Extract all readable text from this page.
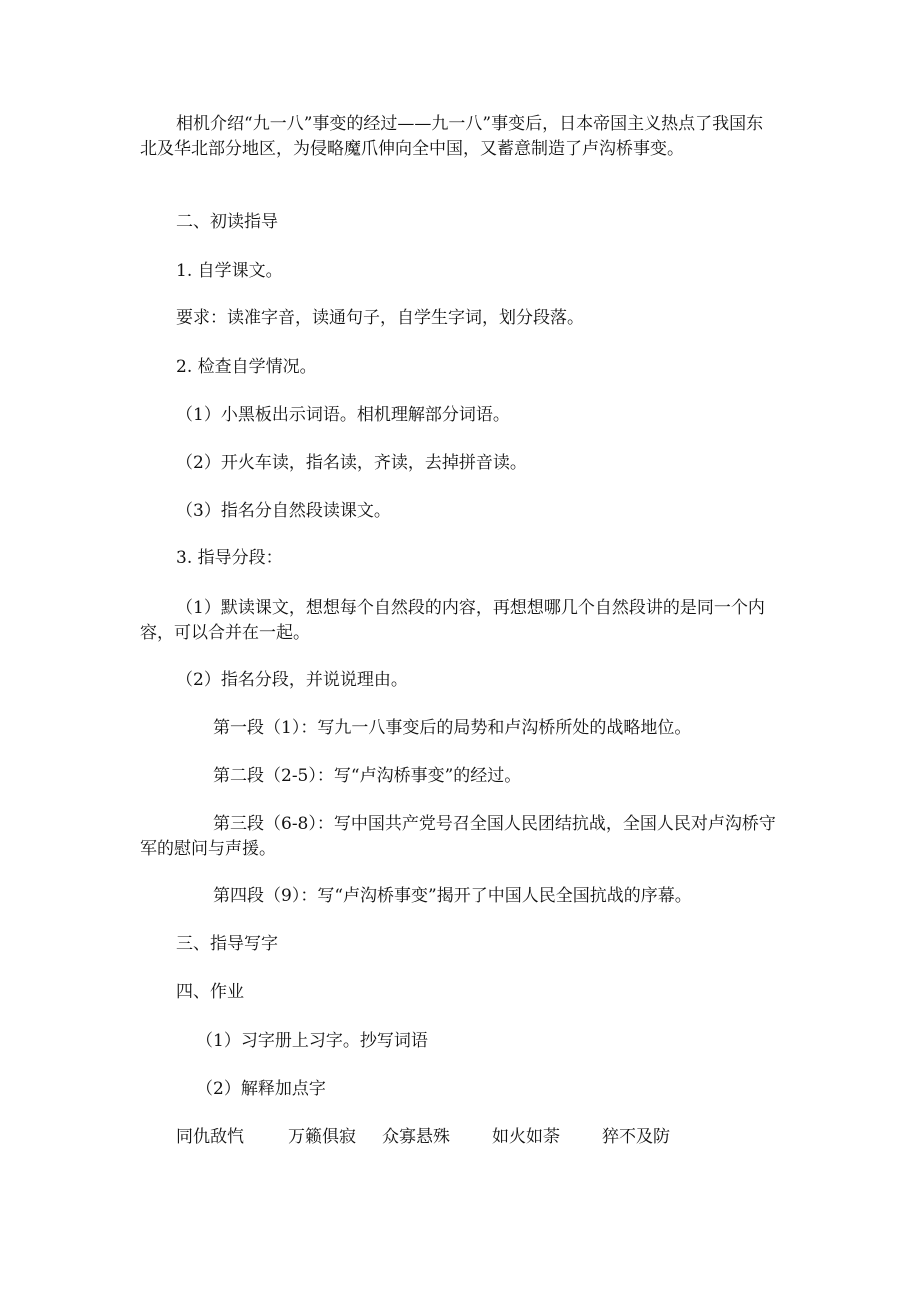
相机介绍“九一八”事变的经过——九一八”事变后，日本帝国主义热点了我国东北及华北部分地区，为侵略魔爪伸向全中国，又蓄意制造了卢沟桥事变。
二、初读指导
1. 自学课文。
要求：读准字音，读通句子，自学生字词，划分段落。
2. 检查自学情况。
（1）小黑板出示词语。相机理解部分词语。
（2）开火车读，指名读，齐读，去掉拼音读。
（3）指名分自然段读课文。
3. 指导分段：
（1）默读课文，想想每个自然段的内容，再想想哪几个自然段讲的是同一个内容，可以合并在一起。
（2）指名分段，并说说理由。
第一段（1）：写九一八事变后的局势和卢沟桥所处的战略地位。
第二段（2-5）：写“卢沟桥事变”的经过。
第三段（6-8）：写中国共产党号召全国人民团结抗战，全国人民对卢沟桥守军的慰问与声援。
第四段（9）：写“卢沟桥事变”揭开了中国人民全国抗战的序幕。
三、指导写字
四、作业
（1）习字册上习字。抄写词语
（2）解释加点字
同仇敌忾	万籁俱寂 众寡悬殊 如火如荼 猝不及防
